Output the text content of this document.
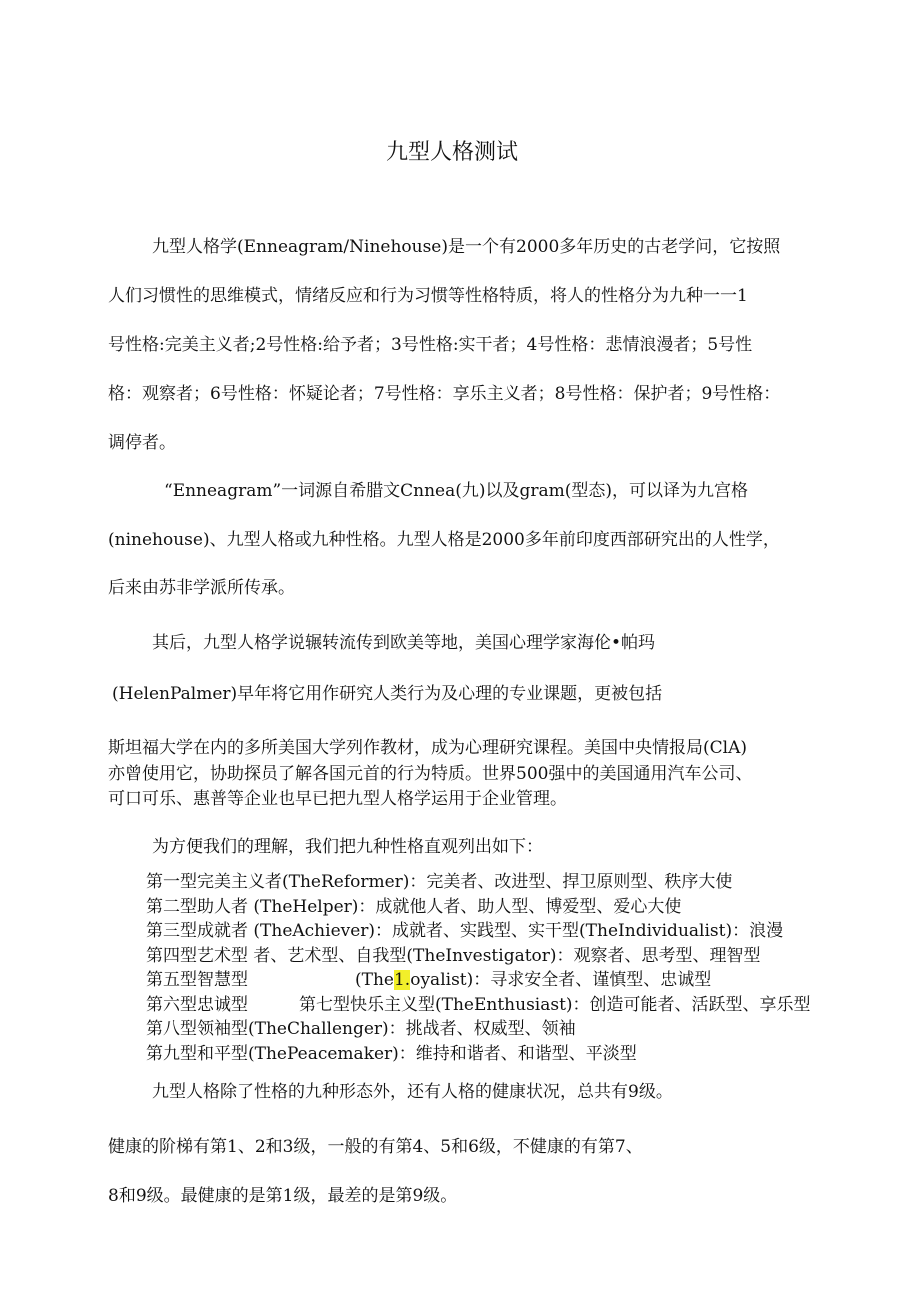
九型人格测试
九型人格学(Enneagram/Ninehouse)是一个有2000多年历史的古老学问，它按照
人们习惯性的思维模式，情绪反应和行为习惯等性格特质，将人的性格分为九种一一1
号性格:完美主义者;2号性格:给予者；3号性格:实干者；4号性格：悲情浪漫者；5号性
格：观察者；6号性格：怀疑论者；7号性格：享乐主义者；8号性格：保护者；9号性格：
调停者。
“Enneagram”一词源自希腊文Cnnea(九)以及gram(型态)，可以译为九宫格
(ninehouse)、九型人格或九种性格。九型人格是2000多年前印度西部研究出的人性学，
后来由苏非学派所传承。
其后，九型人格学说辗转流传到欧美等地，美国心理学家海伦•帕玛
(HelenPalmer)早年将它用作研究人类行为及心理的专业课题，更被包括
斯坦福大学在内的多所美国大学列作教材，成为心理研究课程。美国中央情报局(ClA)
亦曾使用它，协助探员了解各国元首的行为特质。世界500强中的美国通用汽车公司、
可口可乐、惠普等企业也早已把九型人格学运用于企业管理。
为方便我们的理解，我们把九种性格直观列出如下：
第一型完美主义者(TheReformer)：完美者、改进型、捍卫原则型、秩序大使
第二型助人者 (TheHelper)：成就他人者、助人型、博爱型、爱心大使
第三型成就者 (TheAchiever)：成就者、实践型、实干型(TheIndividualist)：浪漫
第四型艺术型 者、艺术型、自我型(TheInvestigator)：观察者、思考型、理智型
第五型智慧型	(The1.oyalist)：寻求安全者、谨慎型、忠诚型
第六型忠诚型	第七型快乐主义型(TheEnthusiast)：创造可能者、活跃型、享乐型
第八型领袖型(TheChallenger)：挑战者、权威型、领袖
第九型和平型(ThePeacemaker)：维持和谐者、和谐型、平淡型
九型人格除了性格的九种形态外，还有人格的健康状况，总共有9级。
健康的阶梯有第1、2和3级，一般的有第4、5和6级，不健康的有第7、
8和9级。最健康的是第1级，最差的是第9级。
